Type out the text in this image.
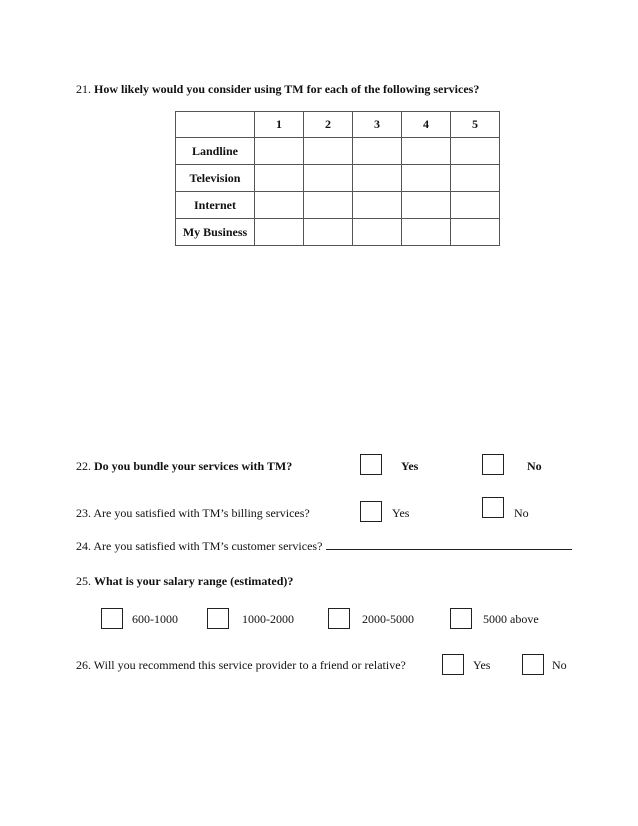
21. How likely would you consider using TM for each of the following services?
	1	2	3	4	5
Landline					
Television					
Internet					
My Business					
22. Do you bundle your services with TM?	Yes	No
23. Are you satisfied with TM’s billing services?	Yes	No
24. Are you satisfied with TM’s customer services?
25. What is your salary range (estimated)?
600-1000	1000-2000	2000-5000	5000 above
26. Will you recommend this service provider to a friend or relative?	Yes	No
